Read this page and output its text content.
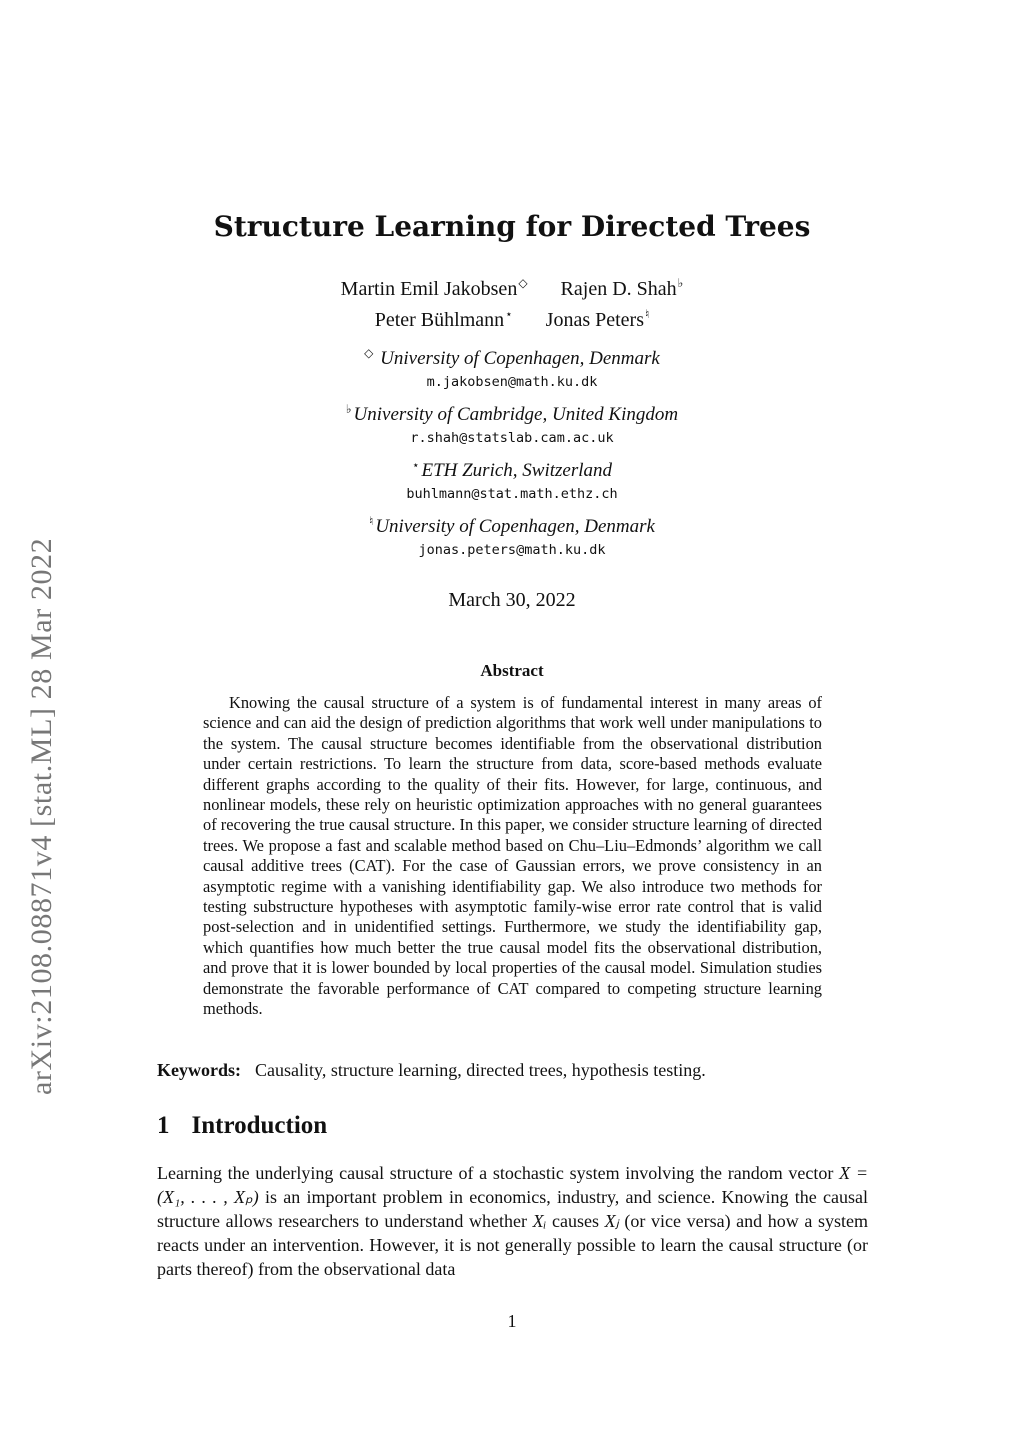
arXiv:2108.08871v4 [stat.ML] 28 Mar 2022
Structure Learning for Directed Trees
Martin Emil Jakobsen◇ Rajen D. Shah♭
Peter Bühlmann⋆ Jonas Peters♮
◇ University of Copenhagen, Denmark
m.jakobsen@math.ku.dk
♭ University of Cambridge, United Kingdom
r.shah@statslab.cam.ac.uk
⋆ ETH Zurich, Switzerland
buhlmann@stat.math.ethz.ch
♮ University of Copenhagen, Denmark
jonas.peters@math.ku.dk
March 30, 2022
Abstract
Knowing the causal structure of a system is of fundamental interest in many areas of science and can aid the design of prediction algorithms that work well under manipulations to the system. The causal structure becomes identifiable from the observational distribution under certain restrictions. To learn the structure from data, score-based methods evaluate different graphs according to the quality of their fits. However, for large, continuous, and nonlinear models, these rely on heuristic optimization approaches with no general guarantees of recovering the true causal structure. In this paper, we consider structure learning of directed trees. We propose a fast and scalable method based on Chu–Liu–Edmonds’ algorithm we call causal additive trees (CAT). For the case of Gaussian errors, we prove consistency in an asymptotic regime with a vanishing identifiability gap. We also introduce two methods for testing substructure hypotheses with asymptotic family-wise error rate control that is valid post-selection and in unidentified settings. Furthermore, we study the identifiability gap, which quantifies how much better the true causal model fits the observational distribution, and prove that it is lower bounded by local properties of the causal model. Simulation studies demonstrate the favorable performance of CAT compared to competing structure learning methods.
Keywords: Causality, structure learning, directed trees, hypothesis testing.
1 Introduction

Learning the underlying causal structure of a stochastic system involving the random vector X = (X₁, . . . , Xₚ) is an important problem in economics, industry, and science. Knowing the causal structure allows researchers to understand whether Xᵢ causes Xⱼ (or vice versa) and how a system reacts under an intervention. However, it is not generally possible to learn the causal structure (or parts thereof) from the observational data

1
